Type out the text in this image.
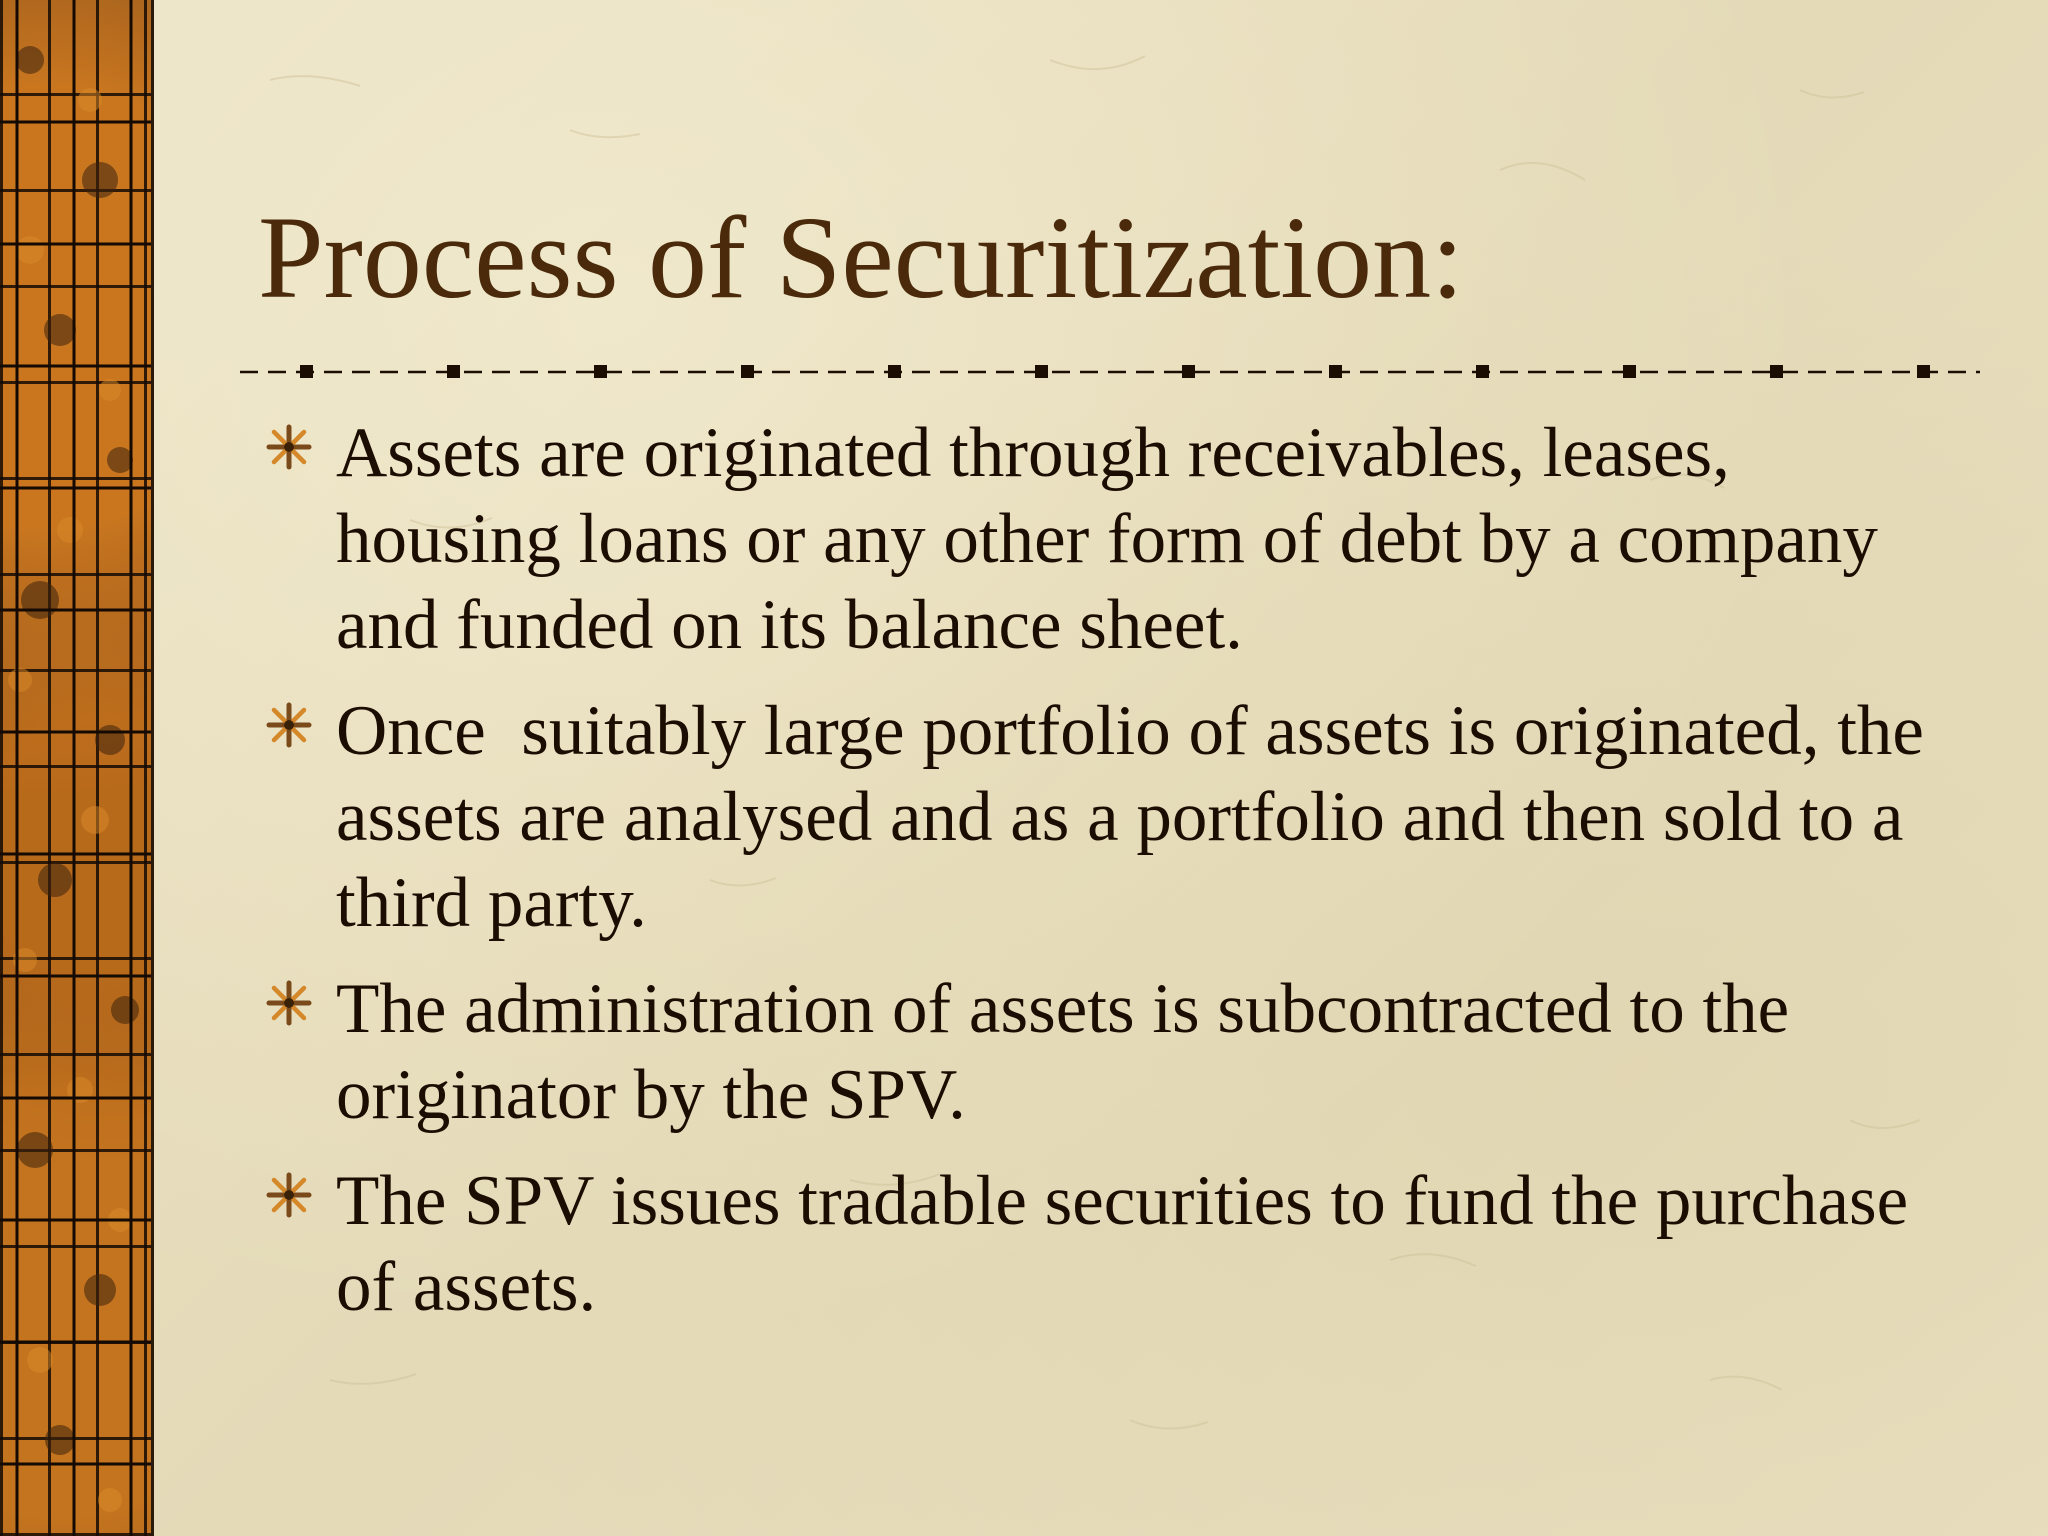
Process of Securitization:
Assets are originated through receivables, leases, housing loans or any other form of debt by a company and funded on its balance sheet.
Once  suitably large portfolio of assets is originated, the assets are analysed and as a portfolio and then sold to a third party.
The administration of assets is subcontracted to the originator by the SPV.
The SPV issues tradable securities to fund the purchase of assets.
